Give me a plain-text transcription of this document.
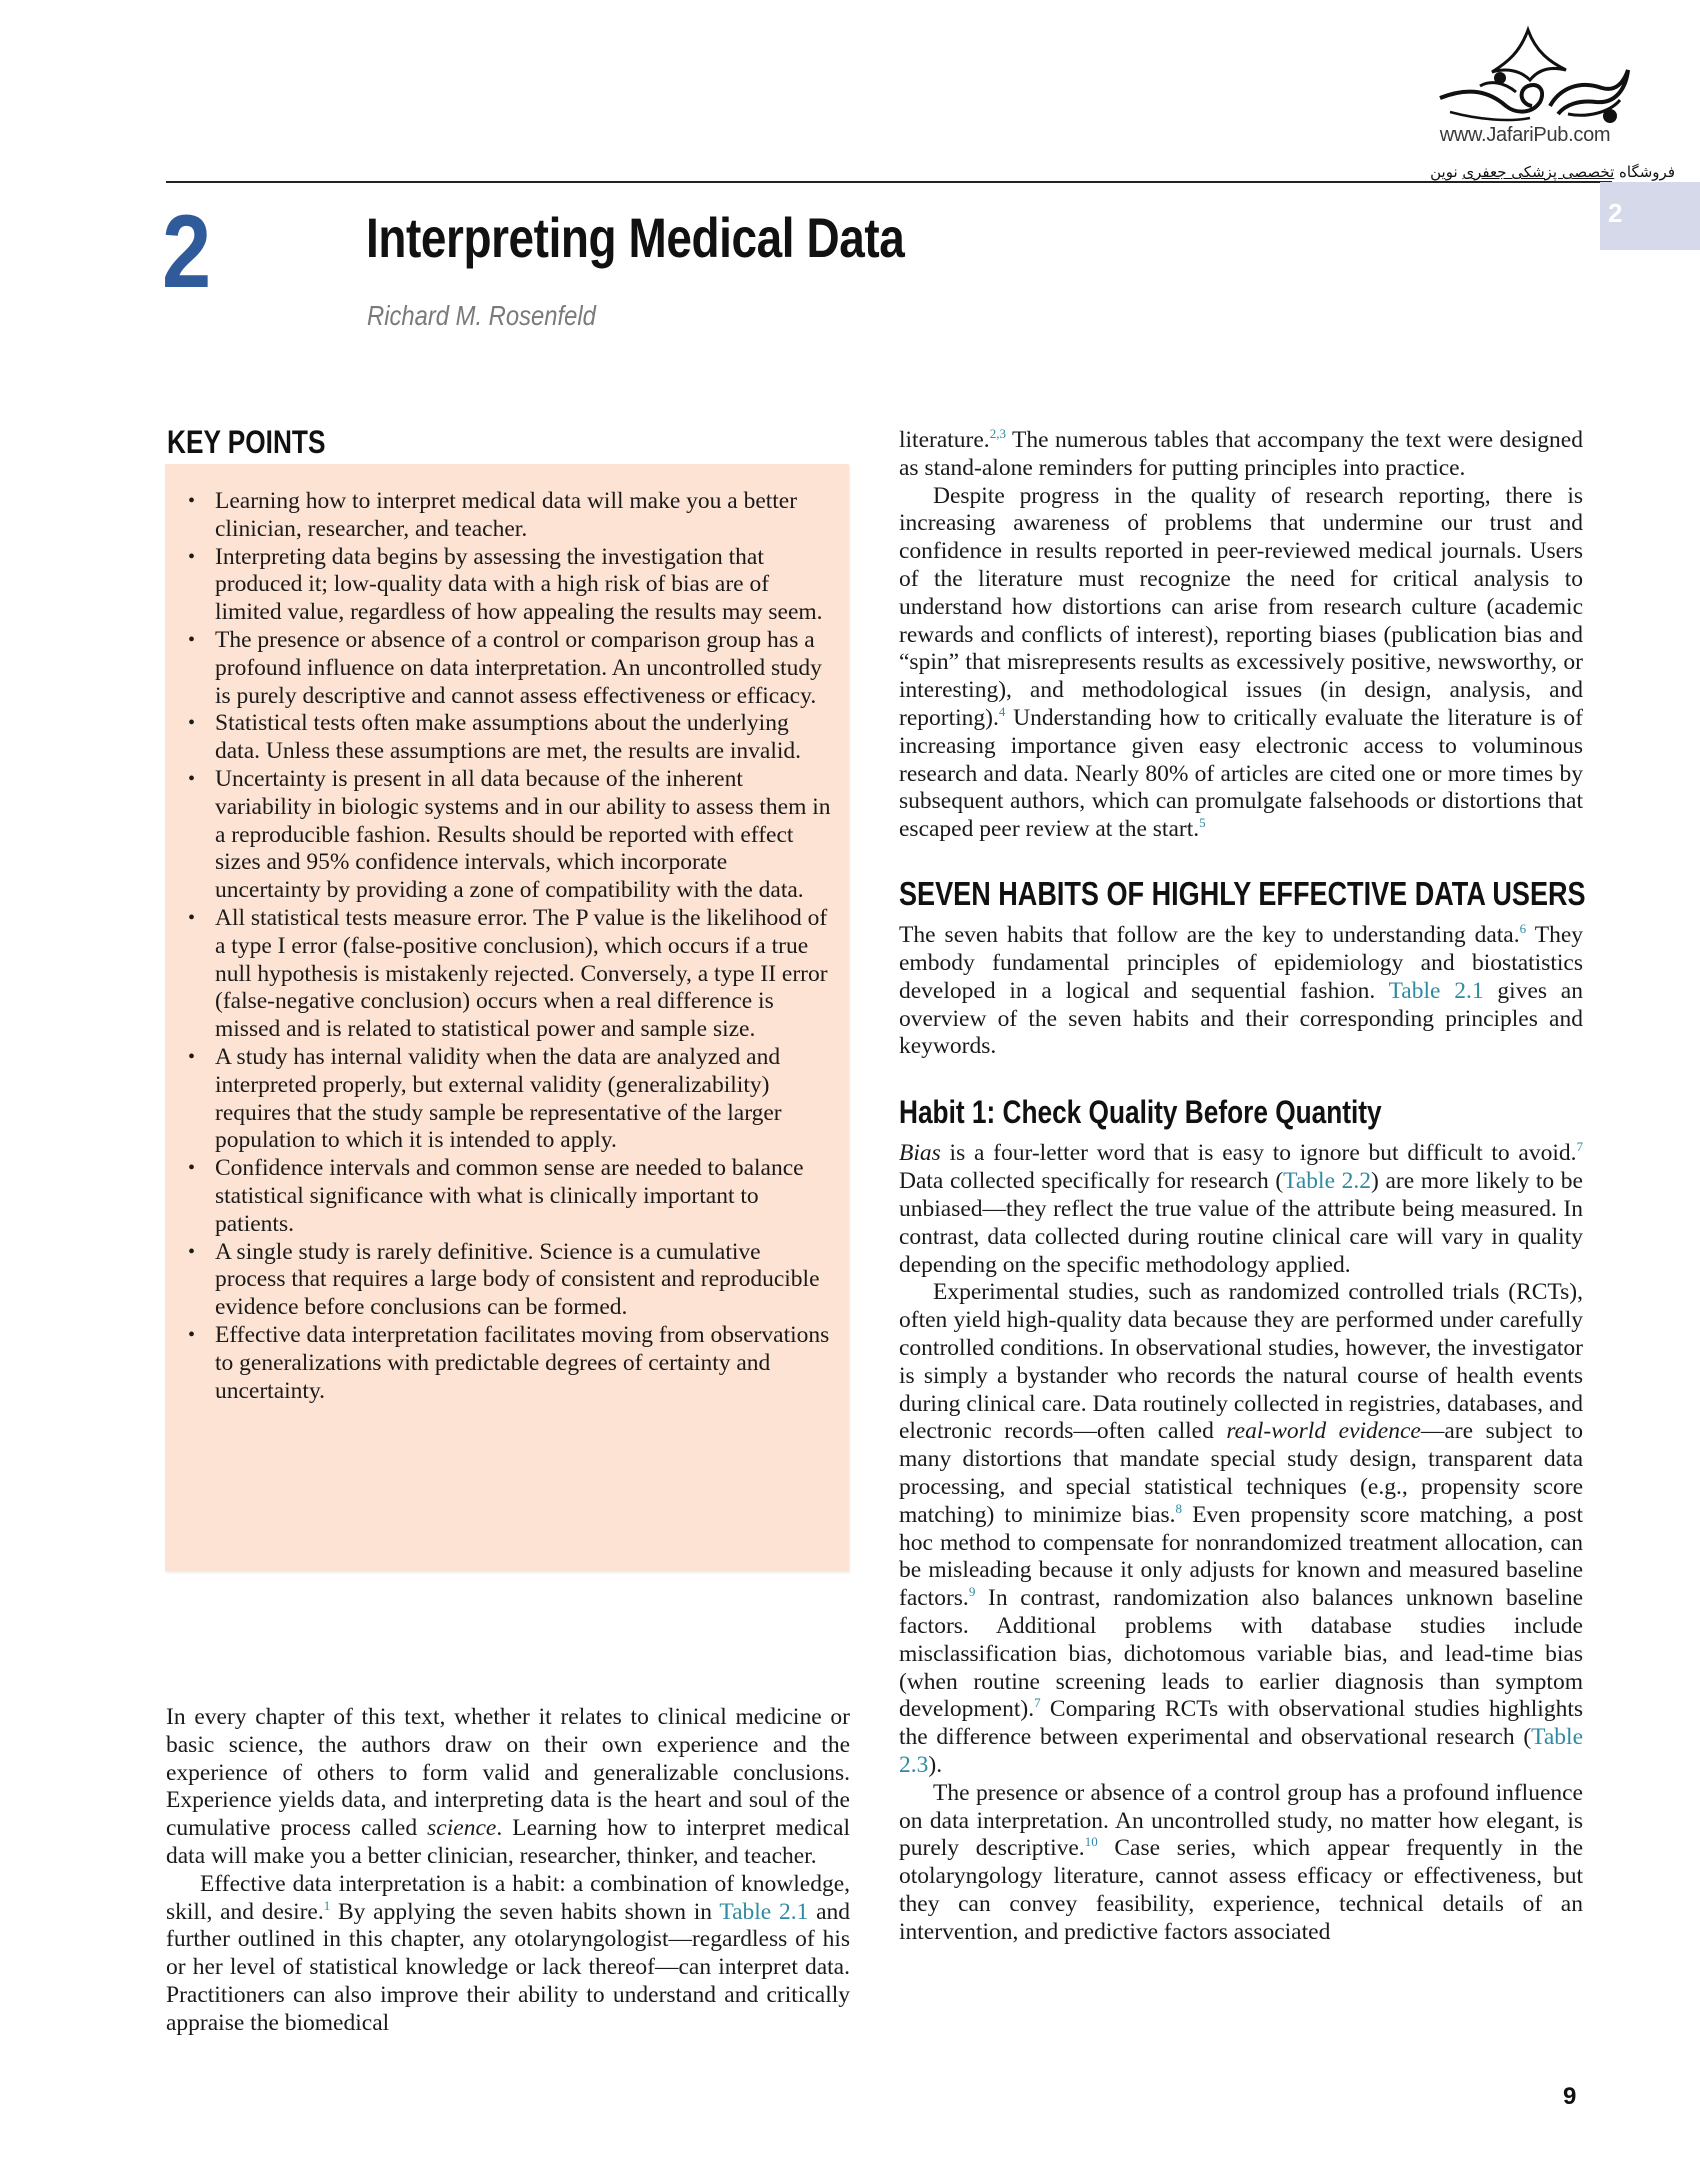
www.JafariPub.com
فروشگاه تخصصی پزشکی جعفری نوین
2
2	Interpreting Medical Data
Richard M. Rosenfeld
KEY POINTS
• Learning how to interpret medical data will make you a better clinician, researcher, and teacher.
• Interpreting data begins by assessing the investigation that produced it; low-quality data with a high risk of bias are of limited value, regardless of how appealing the results may seem.
• The presence or absence of a control or comparison group has a profound influence on data interpretation. An uncontrolled study is purely descriptive and cannot assess effectiveness or efficacy.
• Statistical tests often make assumptions about the underlying data. Unless these assumptions are met, the results are invalid.
• Uncertainty is present in all data because of the inherent variability in biologic systems and in our ability to assess them in a reproducible fashion. Results should be reported with effect sizes and 95% confidence intervals, which incorporate uncertainty by providing a zone of compatibility with the data.
• All statistical tests measure error. The P value is the likelihood of a type I error (false-positive conclusion), which occurs if a true null hypothesis is mistakenly rejected. Conversely, a type II error (false-negative conclusion) occurs when a real difference is missed and is related to statistical power and sample size.
• A study has internal validity when the data are analyzed and interpreted properly, but external validity (generalizability) requires that the study sample be representative of the larger population to which it is intended to apply.
• Confidence intervals and common sense are needed to balance statistical significance with what is clinically important to patients.
• A single study is rarely definitive. Science is a cumulative process that requires a large body of consistent and reproducible evidence before conclusions can be formed.
• Effective data interpretation facilitates moving from observations to generalizations with predictable degrees of certainty and uncertainty.

In every chapter of this text, whether it relates to clinical medicine or basic science, the authors draw on their own experience and the experience of others to form valid and generalizable conclusions. Experience yields data, and interpreting data is the heart and soul of the cumulative process called science. Learning how to interpret medical data will make you a better clinician, researcher, thinker, and teacher.

Effective data interpretation is a habit: a combination of knowledge, skill, and desire.$^1$ By applying the seven habits shown in Table 2.1 and further outlined in this chapter, any otolaryngologist—regardless of his or her level of statistical knowledge or lack thereof—can interpret data. Practitioners can also improve their ability to understand and critically appraise the biomedical

literature.$^{2,3}$ The numerous tables that accompany the text were designed as stand-alone reminders for putting principles into practice.

Despite progress in the quality of research reporting, there is increasing awareness of problems that undermine our trust and confidence in results reported in peer-reviewed medical journals. Users of the literature must recognize the need for critical analysis to understand how distortions can arise from research culture (academic rewards and conflicts of interest), reporting biases (publication bias and “spin” that misrepresents results as excessively positive, newsworthy, or interesting), and methodological issues (in design, analysis, and reporting).$^4$ Understanding how to critically evaluate the literature is of increasing importance given easy electronic access to voluminous research and data. Nearly 80% of articles are cited one or more times by subsequent authors, which can promulgate falsehoods or distortions that escaped peer review at the start.$^5$

SEVEN HABITS OF HIGHLY EFFECTIVE DATA USERS

The seven habits that follow are the key to understanding data.$^6$ They embody fundamental principles of epidemiology and biostatistics developed in a logical and sequential fashion. Table 2.1 gives an overview of the seven habits and their corresponding principles and keywords.

Habit 1: Check Quality Before Quantity

Bias is a four-letter word that is easy to ignore but difficult to avoid.$^7$ Data collected specifically for research (Table 2.2) are more likely to be unbiased—they reflect the true value of the attribute being measured. In contrast, data collected during routine clinical care will vary in quality depending on the specific methodology applied.

Experimental studies, such as randomized controlled trials (RCTs), often yield high-quality data because they are performed under carefully controlled conditions. In observational studies, however, the investigator is simply a bystander who records the natural course of health events during clinical care. Data routinely collected in registries, databases, and electronic records—often called real-world evidence—are subject to many distortions that mandate special study design, transparent data processing, and special statistical techniques (e.g., propensity score matching) to minimize bias.$^8$ Even propensity score matching, a post hoc method to compensate for nonrandomized treatment allocation, can be misleading because it only adjusts for known and measured baseline factors.$^9$ In contrast, randomization also balances unknown baseline factors. Additional problems with database studies include misclassification bias, dichotomous variable bias, and lead-time bias (when routine screening leads to earlier diagnosis than symptom development).$^7$ Comparing RCTs with observational studies highlights the difference between experimental and observational research (Table 2.3).

The presence or absence of a control group has a profound influence on data interpretation. An uncontrolled study, no matter how elegant, is purely descriptive.$^{10}$ Case series, which appear frequently in the otolaryngology literature, cannot assess efficacy or effectiveness, but they can convey feasibility, experience, technical details of an intervention, and predictive factors associated

9
